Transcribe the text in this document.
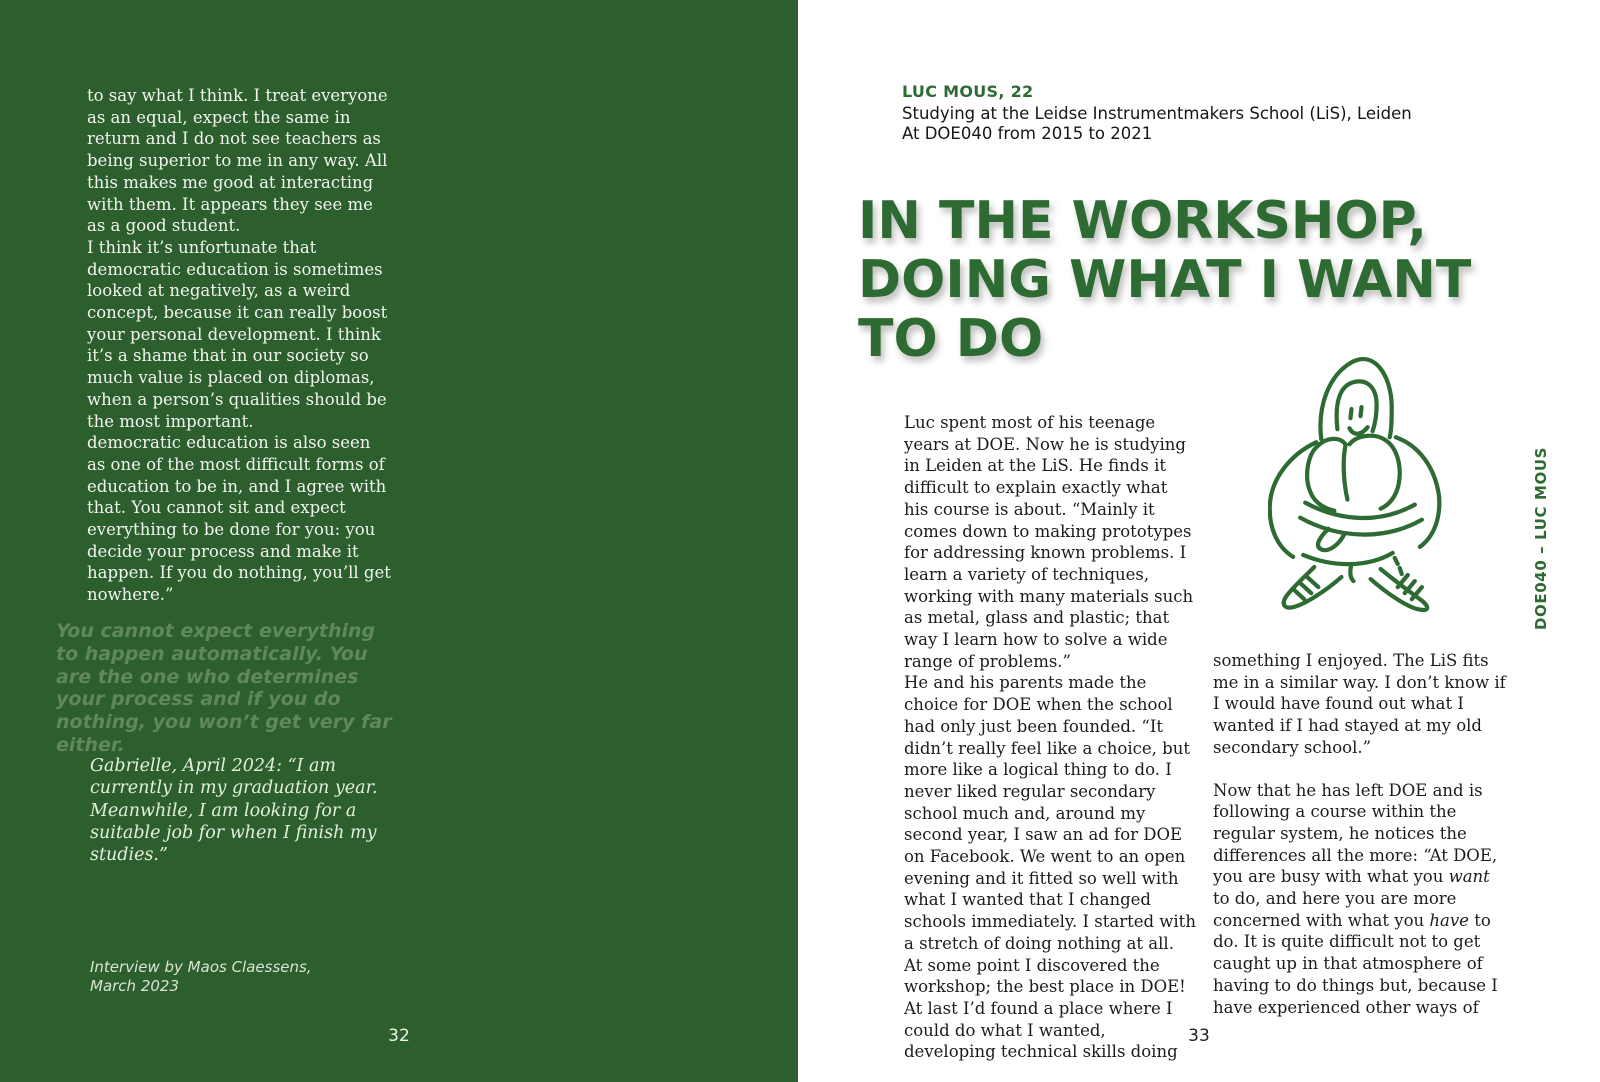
to say what I think. I treat everyone as an equal, expect the same in return and I do not see teachers as being superior to me in any way. All this makes me good at interacting with them. It appears they see me as a good student.

I think it’s unfortunate that democratic education is sometimes looked at negatively, as a weird concept, because it can really boost your personal development. I think it’s a shame that in our society so much value is placed on diplomas, when a person’s qualities should be the most important.

democratic education is also seen as one of the most difficult forms of education to be in, and I agree with that. You cannot sit and expect everything to be done for you: you decide your process and make it happen. If you do nothing, you’ll get nowhere.”

You cannot expect everything to happen automatically. You are the one who determines your process and if you do nothing, you won’t get very far either.
Gabrielle, April 2024: “I am currently in my graduation year. Meanwhile, I am looking for a suitable job for when I finish my studies.”
Interview by Maos Claessens,
March 2023
32
LUC MOUS, 22
Studying at the Leidse Instrumentmakers School (LiS), Leiden
At DOE040 from 2015 to 2021
IN THE WORKSHOP,
DOING WHAT I WANT
TO DO

Luc spent most of his teenage years at DOE. Now he is studying in Leiden at the LiS. He finds it difficult to explain exactly what his course is about. “Mainly it comes down to making prototypes for addressing known problems. I learn a variety of techniques, working with many materials such as metal, glass and plastic; that way I learn how to solve a wide range of problems.”

He and his parents made the choice for DOE when the school had only just been founded. “It didn’t really feel like a choice, but more like a logical thing to do. I never liked regular secondary school much and, around my second year, I saw an ad for DOE on Facebook. We went to an open evening and it fitted so well with what I wanted that I changed schools immediately. I started with a stretch of doing nothing at all. At some point I discovered the workshop; the best place in DOE! At last I’d found a place where I could do what I wanted, developing technical skills doing

something I enjoyed. The LiS fits me in a similar way. I don’t know if I would have found out what I wanted if I had stayed at my old secondary school.”

Now that he has left DOE and is following a course within the regular system, he notices the differences all the more: “At DOE, you are busy with what you want to do, and here you are more concerned with what you have to do. It is quite difficult not to get caught up in that atmosphere of having to do things but, because I have experienced other ways of

DOE040 – LUC MOUS
33
